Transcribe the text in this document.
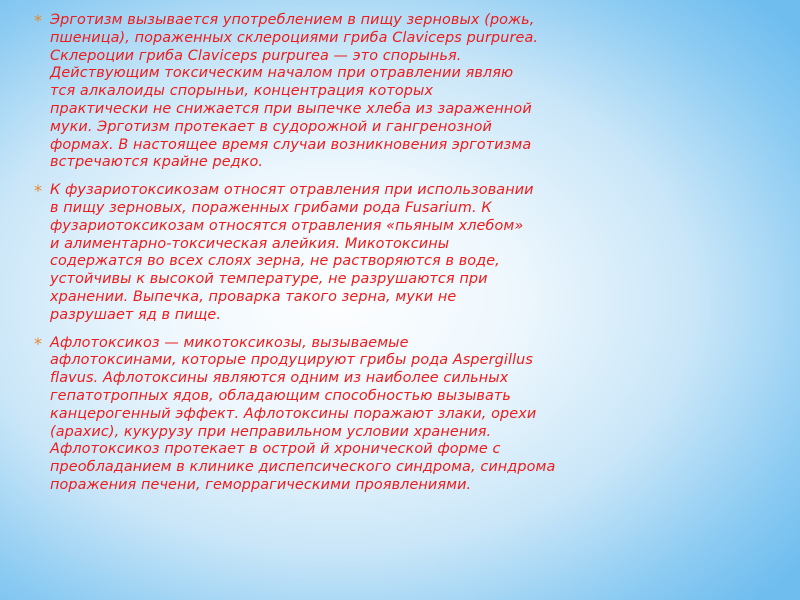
* Эрготизм вызывается употреблением в пищу зерновых (рожь,
пшеница), пораженных склероциями гриба Claviceps purpurea.
Склероции гриба Claviceps purpurea — это спорынья.
Действующим токсическим началом при отравлении являю
тся алкалоиды спорыньи, концентрация которых
практически не снижается при выпечке хлеба из зараженной
муки. Эрготизм протекает в судорожной и гангренозной
формах. В настоящее время случаи возникновения эрготизма
встречаются крайне редко.
* К фузариотоксикозам относят отравления при использовании
в пищу зерновых, пораженных грибами рода Fusarium. К
фузариотоксикозам относятся отравления «пьяным хлебом»
и алиментарно-токсическая алейкия. Микотоксины
содержатся во всех слоях зерна, не растворяются в воде,
устойчивы к высокой температуре, не разрушаются при
хранении. Выпечка, проварка такого зерна, муки не
разрушает яд в пище.
* Афлотоксикоз — микотоксикозы, вызываемые
афлотоксинами, которые продуцируют грибы рода Aspergillus
flavus. Афлотоксины являются одним из наиболее сильных
гепатотропных ядов, обладающим способностью вызывать
канцерогенный эффект. Афлотоксины поражают злаки, орехи
(арахис), кукурузу при неправильном условии хранения.
Афлотоксикоз протекает в острой й хронической форме с
преобладанием в клинике диспепсического синдрома, синдрома
поражения печени, геморрагическими проявлениями.
